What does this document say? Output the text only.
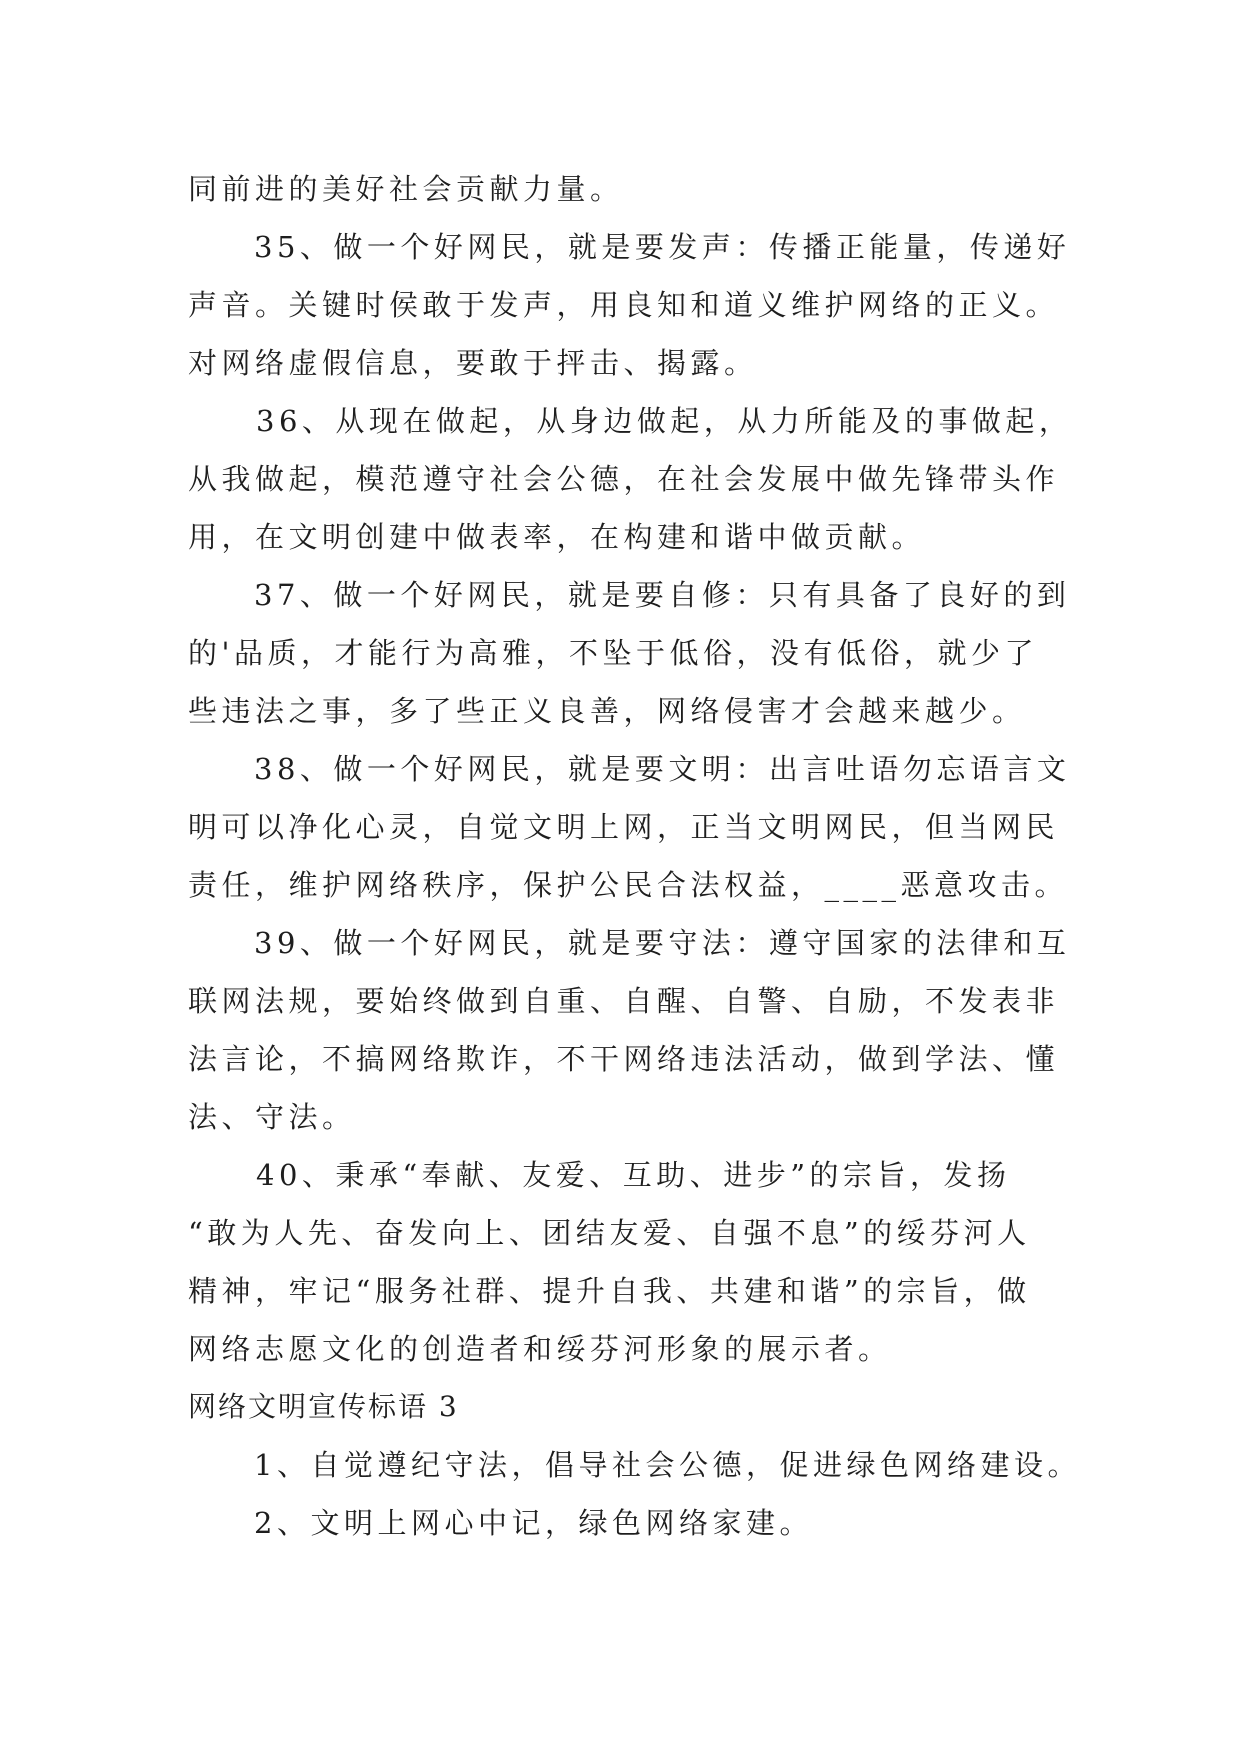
同前进的美好社会贡献力量。
35、做一个好网民，就是要发声：传播正能量，传递好
声音。关键时侯敢于发声，用良知和道义维护网络的正义。
对网络虚假信息，要敢于抨击、揭露。
36、从现在做起，从身边做起，从力所能及的事做起，
从我做起，模范遵守社会公德，在社会发展中做先锋带头作
用，在文明创建中做表率，在构建和谐中做贡献。
37、做一个好网民，就是要自修：只有具备了良好的到
的'品质，才能行为高雅，不坠于低俗，没有低俗，就少了
些违法之事，多了些正义良善，网络侵害才会越来越少。
38、做一个好网民，就是要文明：出言吐语勿忘语言文
明可以净化心灵，自觉文明上网，正当文明网民，但当网民
责任，维护网络秩序，保护公民合法权益，____恶意攻击。
39、做一个好网民，就是要守法：遵守国家的法律和互
联网法规，要始终做到自重、自醒、自警、自励，不发表非
法言论，不搞网络欺诈，不干网络违法活动，做到学法、懂
法、守法。
40、秉承“奉献、友爱、互助、进步”的宗旨，发扬
“敢为人先、奋发向上、团结友爱、自强不息”的绥芬河人
精神，牢记“服务社群、提升自我、共建和谐”的宗旨，做
网络志愿文化的创造者和绥芬河形象的展示者。
网络文明宣传标语 3
1、自觉遵纪守法，倡导社会公德，促进绿色网络建设。
2、文明上网心中记，绿色网络家建。
